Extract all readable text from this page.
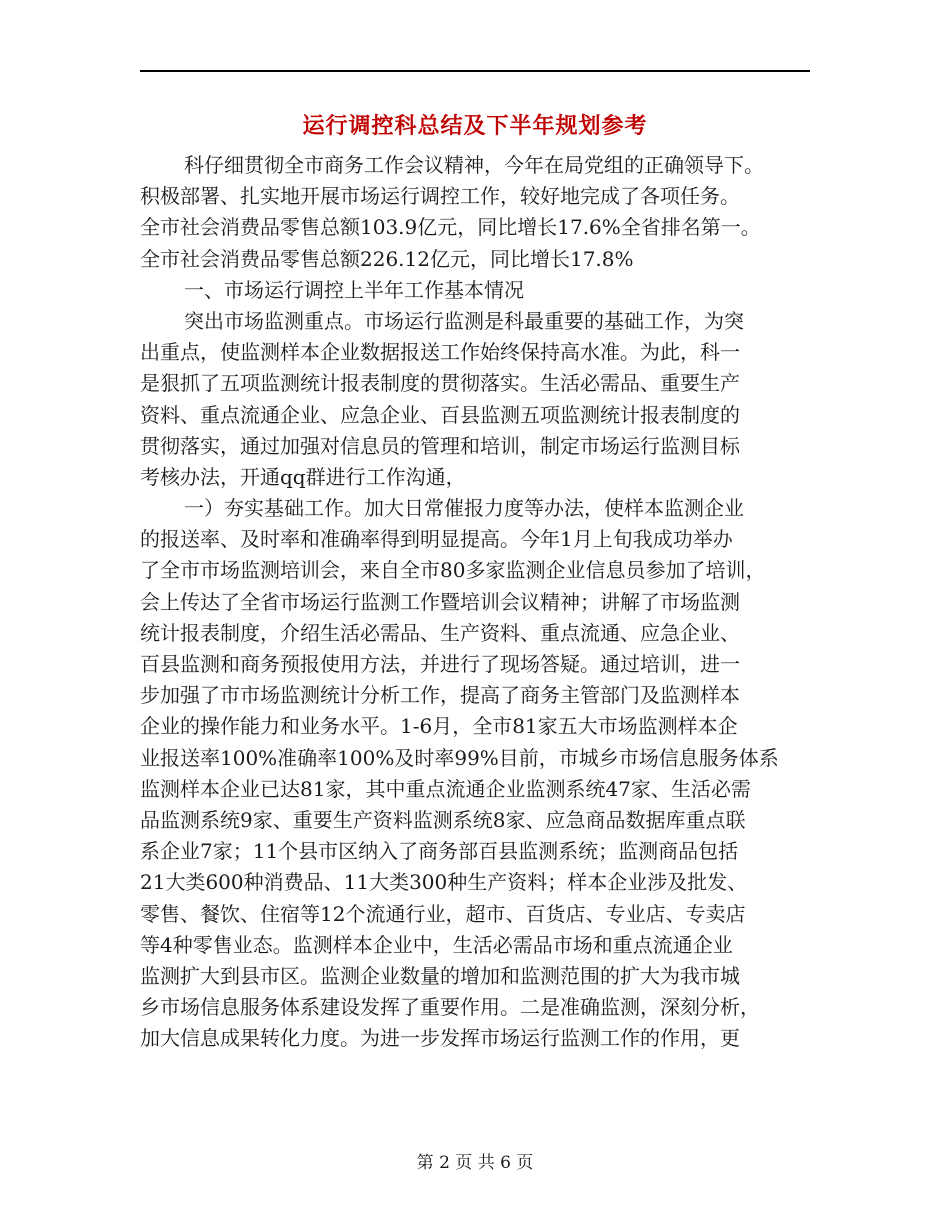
运行调控科总结及下半年规划参考
科仔细贯彻全市商务工作会议精神，今年在局党组的正确领导下。
积极部署、扎实地开展市场运行调控工作，较好地完成了各项任务。
全市社会消费品零售总额103.9亿元，同比增长17.6%全省排名第一。
全市社会消费品零售总额226.12亿元，同比增长17.8%
一、市场运行调控上半年工作基本情况
突出市场监测重点。市场运行监测是科最重要的基础工作，为突
出重点，使监测样本企业数据报送工作始终保持高水准。为此，科一
是狠抓了五项监测统计报表制度的贯彻落实。生活必需品、重要生产
资料、重点流通企业、应急企业、百县监测五项监测统计报表制度的
贯彻落实，通过加强对信息员的管理和培训，制定市场运行监测目标
考核办法，开通qq群进行工作沟通，
一）夯实基础工作。加大日常催报力度等办法，使样本监测企业
的报送率、及时率和准确率得到明显提高。今年1月上旬我成功举办
了全市市场监测培训会，来自全市80多家监测企业信息员参加了培训，
会上传达了全省市场运行监测工作暨培训会议精神；讲解了市场监测
统计报表制度，介绍生活必需品、生产资料、重点流通、应急企业、
百县监测和商务预报使用方法，并进行了现场答疑。通过培训，进一
步加强了市市场监测统计分析工作，提高了商务主管部门及监测样本
企业的操作能力和业务水平。1-6月，全市81家五大市场监测样本企
业报送率100%准确率100%及时率99%目前，市城乡市场信息服务体系
监测样本企业已达81家，其中重点流通企业监测系统47家、生活必需
品监测系统9家、重要生产资料监测系统8家、应急商品数据库重点联
系企业7家；11个县市区纳入了商务部百县监测系统；监测商品包括
21大类600种消费品、11大类300种生产资料；样本企业涉及批发、
零售、餐饮、住宿等12个流通行业，超市、百货店、专业店、专卖店
等4种零售业态。监测样本企业中，生活必需品市场和重点流通企业
监测扩大到县市区。监测企业数量的增加和监测范围的扩大为我市城
乡市场信息服务体系建设发挥了重要作用。二是准确监测，深刻分析，
加大信息成果转化力度。为进一步发挥市场运行监测工作的作用，更
第 2 页 共 6 页
